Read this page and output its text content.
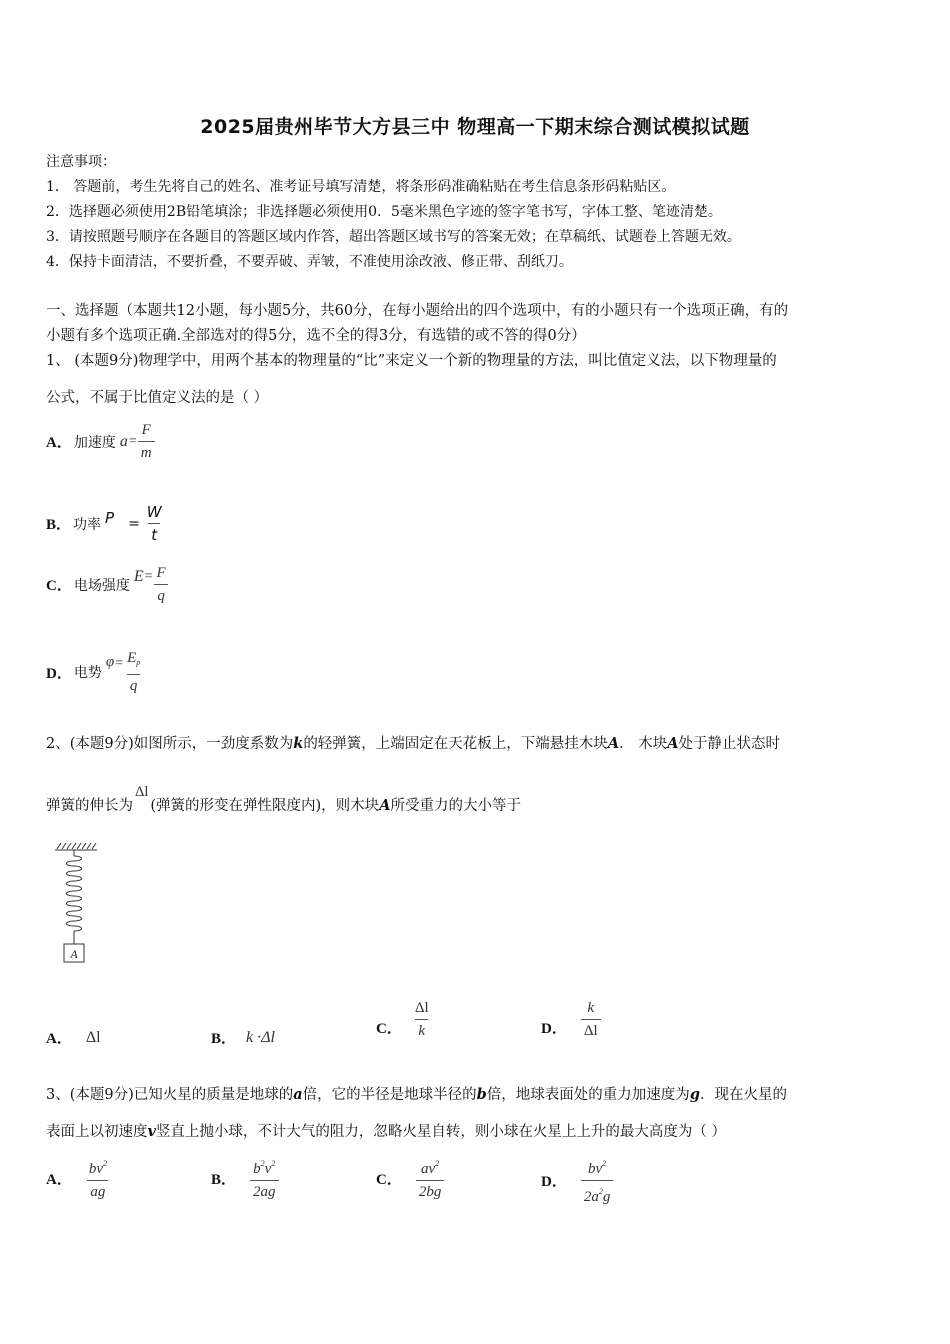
2025届贵州毕节大方县三中 物理高一下期末综合测试模拟试题
注意事项：
1． 答题前，考生先将自己的姓名、准考证号填写清楚，将条形码准确粘贴在考生信息条形码粘贴区。
2．选择题必须使用2B铅笔填涂；非选择题必须使用0．5毫米黑色字迹的签字笔书写，字体工整、笔迹清楚。
3．请按照题号顺序在各题目的答题区域内作答，超出答题区域书写的答案无效；在草稿纸、试题卷上答题无效。
4．保持卡面清洁，不要折叠，不要弄破、弄皱，不准使用涂改液、修正带、刮纸刀。
一、选择题（本题共12小题，每小题5分，共60分，在每小题给出的四个选项中，有的小题只有一个选项正确，有的
小题有多个选项正确.全部选对的得5分，选不全的得3分，有选错的或不答的得0分）
1、 (本题9分)物理学中，用两个基本的物理量的“比”来定义一个新的物理量的方法，叫比值定义法，以下物理量的
公式，不属于比值定义法的是（ ）
A． 加速度 $a = \frac{F}{m}$
B． 功率 $P = \frac{W}{t}$
C． 电场强度
$E = \frac{F}{q}$
D． 电势
$\varphi = \frac{E_p}{q}$
2、(本题9分)如图所示，一劲度系数为k的轻弹簧，上端固定在天花板上，下端悬挂木块A． 木块A处于静止状态时
弹簧的伸长为Δl(弹簧的形变在弹性限度内)，则木块A所受重力的大小等于
A
A． Δl	B． k ·Δl	C． $\frac{\Delta l}{k}$	D． $\frac{k}{\Delta l}$
3、(本题9分)已知火星的质量是地球的a倍，它的半径是地球半径的b倍，地球表面处的重力加速度为g．现在火星的
表面上以初速度v竖直上抛小球，不计大气的阻力，忽略火星自转，则小球在火星上上升的最大高度为（ ）
A． $\frac{bv^2}{ag}$	B． $\frac{b^2v^2}{2ag}$	C． $\frac{av^2}{2bg}$	D． $\frac{bv^2}{2a^2g}$
